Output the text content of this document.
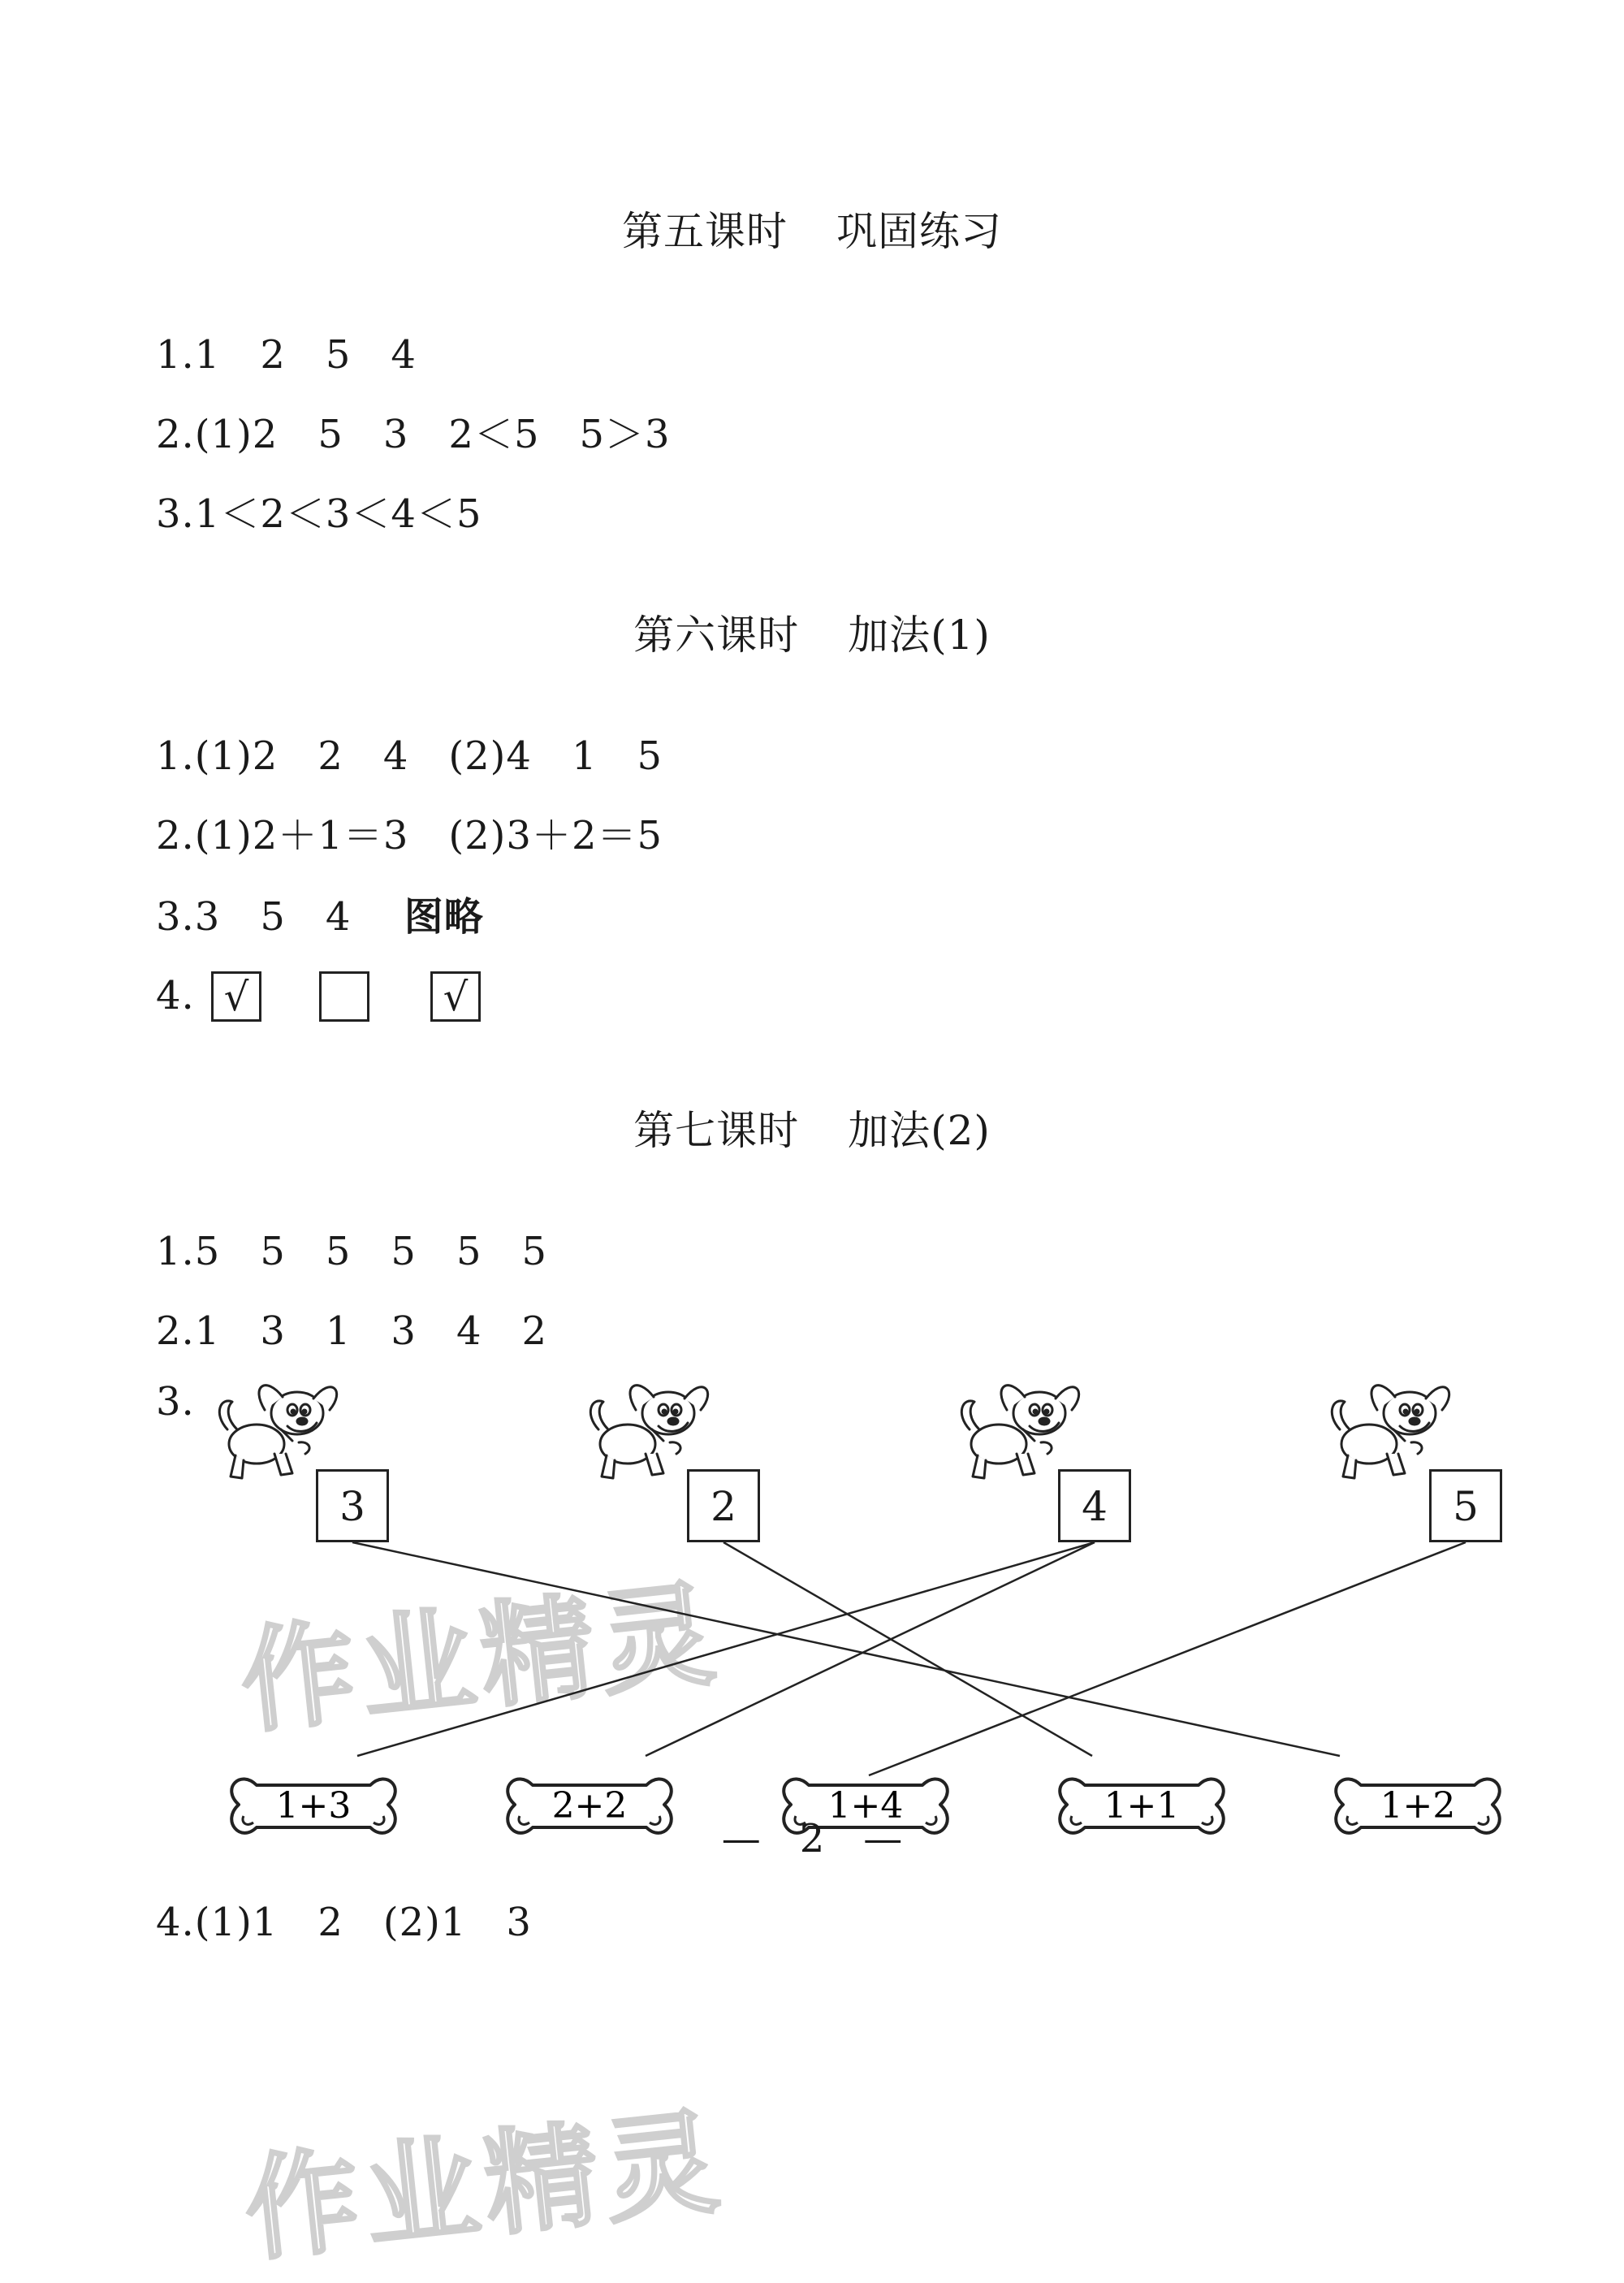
第五课时 巩固练习
1.1　2　5　4
2.(1)2　5　3　2＜5　5＞3
3.1＜2＜3＜4＜5
第六课时 加法(1)
1.(1)2　2　4　(2)4　1　5
2.(1)2＋1＝3　(2)3＋2＝5
3.3　5　4　 图略
4. √	√
第七课时 加法(2)
1.5　5　5　5　5　5
2.1　3　1　3　4　2
3.
作业精灵
作业精灵
1+3	2+2	1+4	1+1	1+2
3	2	4	5
4.(1)1　2　(2)1　3
—　2　—
